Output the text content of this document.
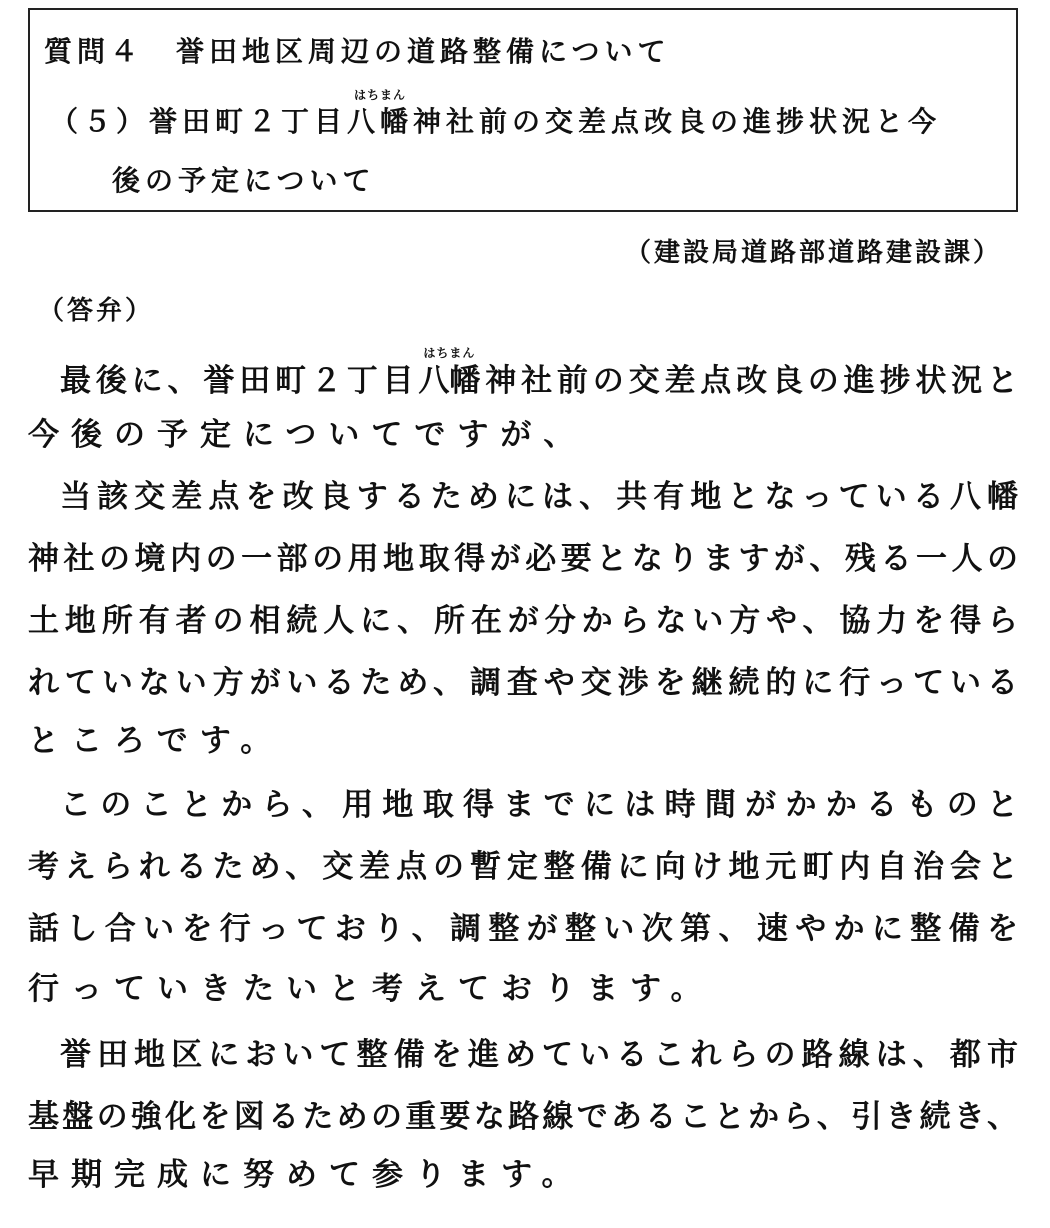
質問４　誉田地区周辺の道路整備について
（５）誉田町２丁目八幡
はちまん
神社前の交差点改良の進捗状況と今
後の予定について
（建設局道路部道路建設課）
（答弁）
最後に、誉田町２丁目八幡
はちまん
神社前の交差点改良の進捗状況と
今後の予定についてですが、
当該交差点を改良するためには、共有地となっている八幡
神社の境内の一部の用地取得が必要となりますが、残る一人の
土地所有者の相続人に、所在が分からない方や、協力を得ら
れていない方がいるため、調査や交渉を継続的に行っている
ところです。
このことから、用地取得までには時間がかかるものと
考えられるため、交差点の暫定整備に向け地元町内自治会と
話し合いを行っており、調整が整い次第、速やかに整備を
行っていきたいと考えております。
誉田地区において整備を進めているこれらの路線は、都市
基盤の強化を図るための重要な路線であることから、引き続き、
早期完成に努めて参ります。
